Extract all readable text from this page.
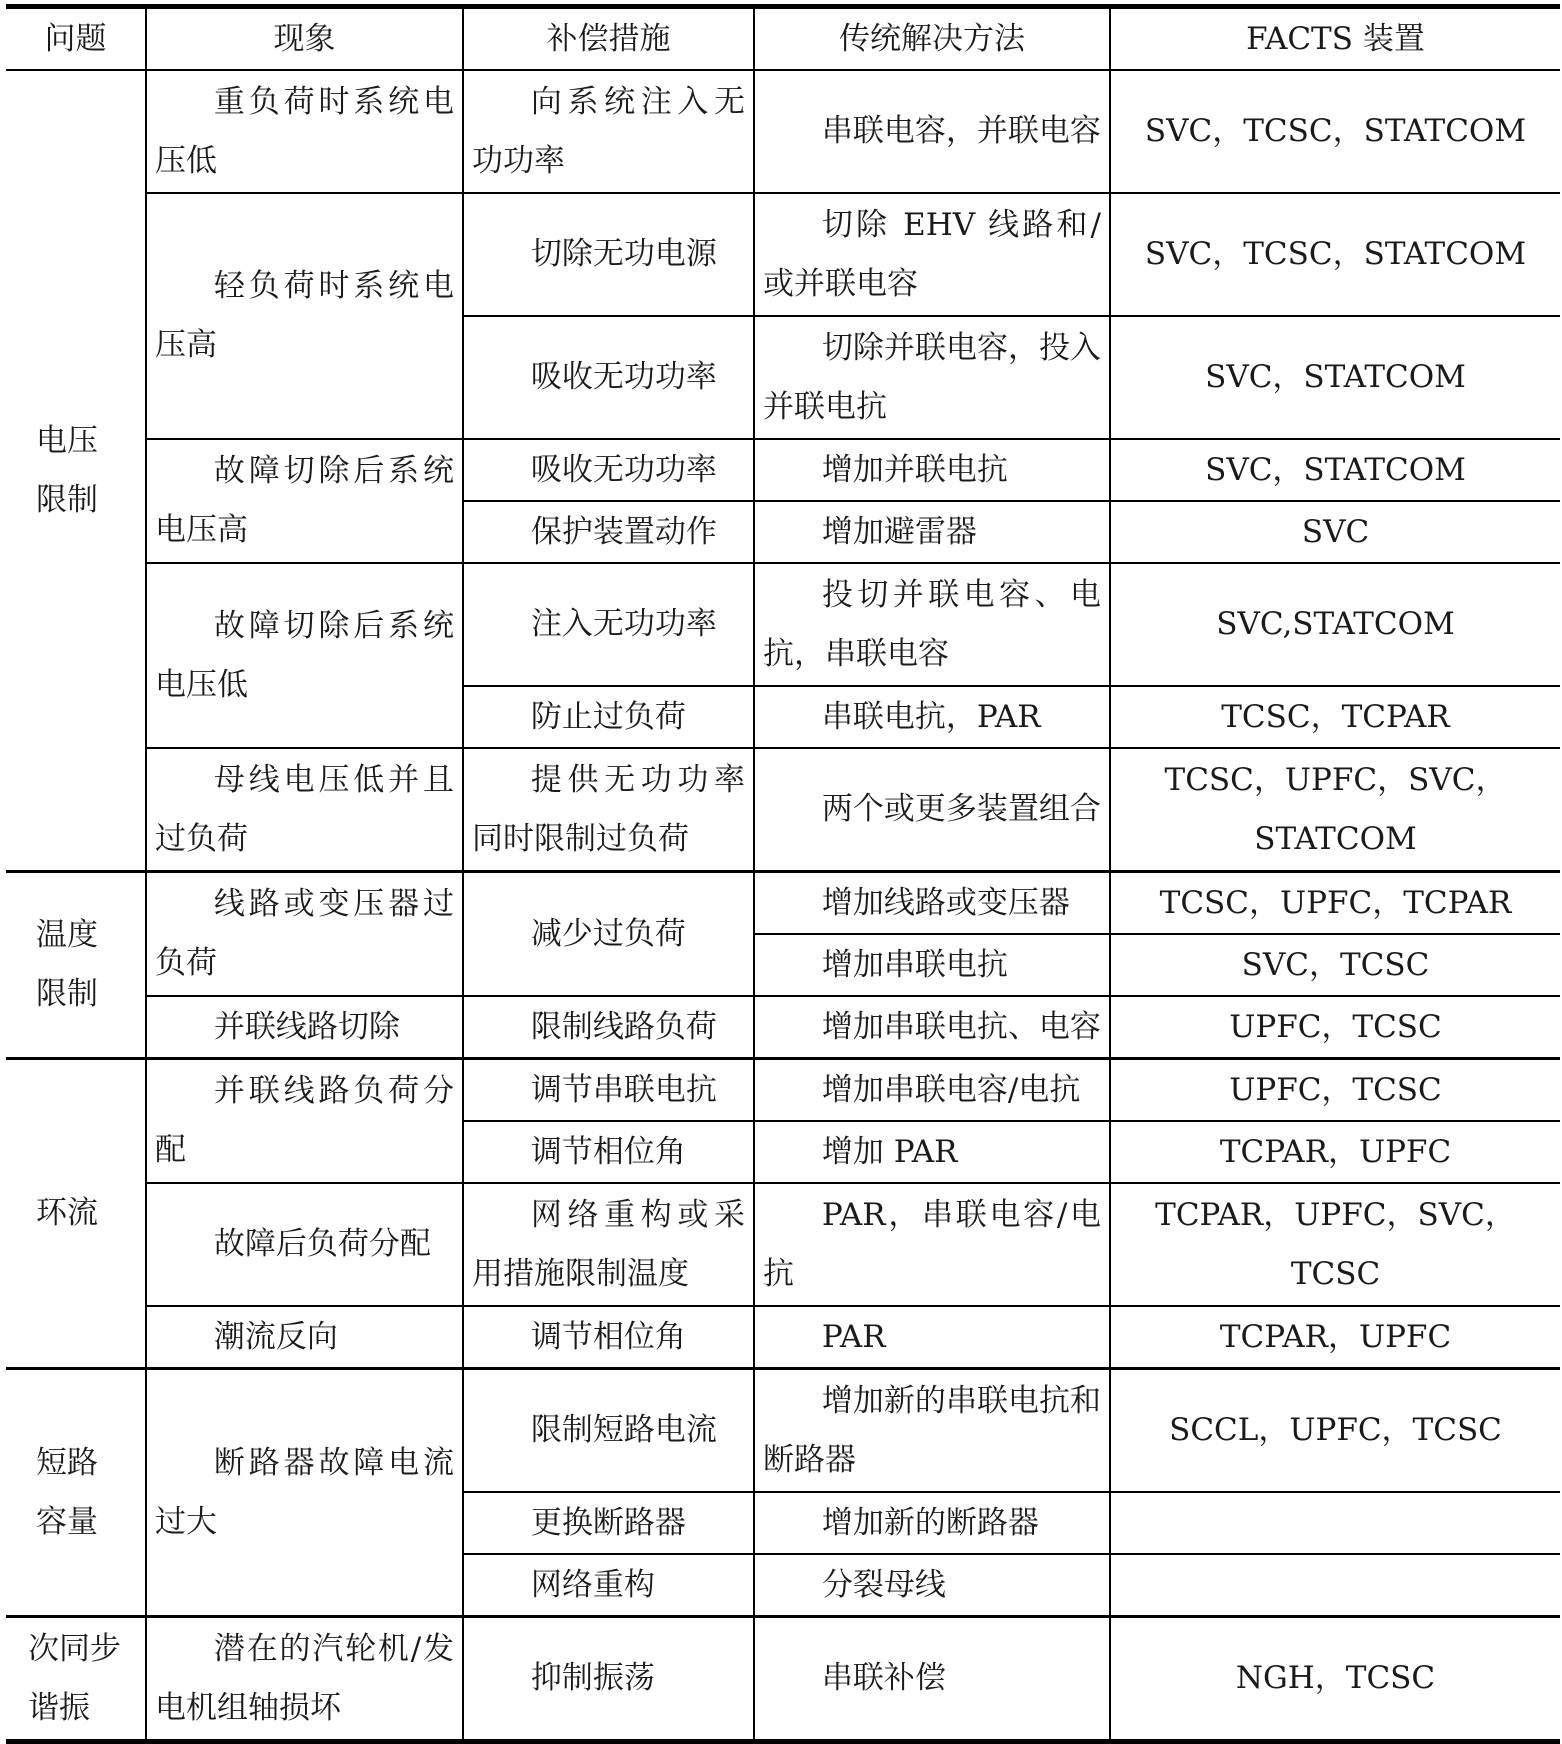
问题	现象	补偿措施	传统解决方法	FACTS 装置
电压限制	重负荷时系统电压低	向系统注入无功功率	串联电容，并联电容	SVC，TCSC，STATCOM
	轻负荷时系统电压高	切除无功电源	切除 EHV 线路和/或并联电容	SVC，TCSC，STATCOM
		吸收无功功率	切除并联电容，投入并联电抗	SVC，STATCOM
	故障切除后系统电压高	吸收无功功率	增加并联电抗	SVC，STATCOM
		保护装置动作	增加避雷器	SVC
	故障切除后系统电压低	注入无功功率	投切并联电容、电抗，串联电容	SVC,STATCOM
		防止过负荷	串联电抗，PAR	TCSC，TCPAR
	母线电压低并且过负荷	提供无功功率同时限制过负荷	两个或更多装置组合	TCSC，UPFC，SVC，STATCOM
温度限制	线路或变压器过负荷	减少过负荷	增加线路或变压器	TCSC，UPFC，TCPAR
			增加串联电抗	SVC，TCSC
	并联线路切除	限制线路负荷	增加串联电抗、电容	UPFC，TCSC
环流	并联线路负荷分配	调节串联电抗	增加串联电容/电抗	UPFC，TCSC
		调节相位角	增加 PAR	TCPAR，UPFC
	故障后负荷分配	网络重构或采用措施限制温度	PAR，串联电容/电抗	TCPAR，UPFC，SVC，TCSC
	潮流反向	调节相位角	PAR	TCPAR，UPFC
短路容量	断路器故障电流过大	限制短路电流	增加新的串联电抗和断路器	SCCL，UPFC，TCSC
		更换断路器	增加新的断路器	
		网络重构	分裂母线	
次同步谐振	潜在的汽轮机/发电机组轴损坏	抑制振荡	串联补偿	NGH，TCSC
